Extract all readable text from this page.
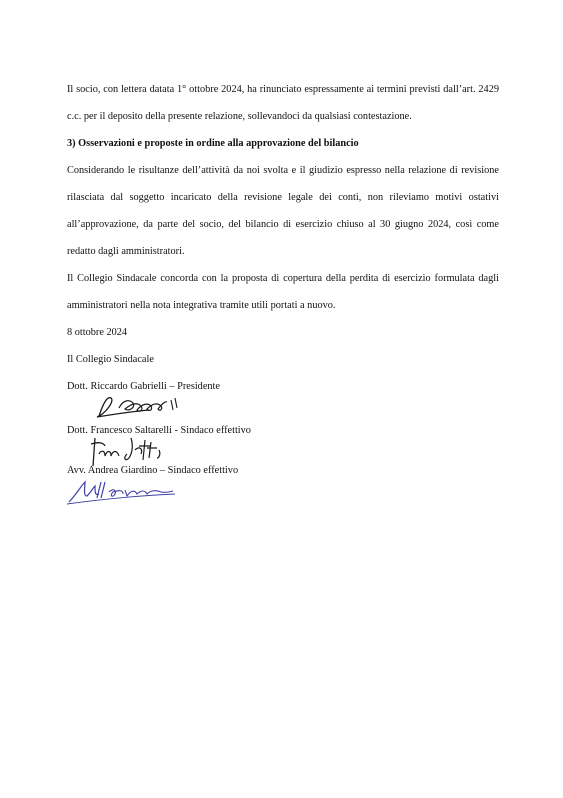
Il socio, con lettera datata 1° ottobre 2024, ha rinunciato espressamente ai termini previsti dall’art. 2429 c.c. per il deposito della presente relazione, sollevandoci da qualsiasi contestazione.

3) Osservazioni e proposte in ordine alla approvazione del bilancio

Considerando le risultanze dell’attività da noi svolta e il giudizio espresso nella relazione di revisione rilasciata dal soggetto incaricato della revisione legale dei conti, non rileviamo motivi ostativi all’approvazione, da parte del socio, del bilancio di esercizio chiuso al 30 giugno 2024, così come redatto dagli amministratori.

Il Collegio Sindacale concorda con la proposta di copertura della perdita di esercizio formulata dagli amministratori nella nota integrativa tramite utili portati a nuovo.

8 ottobre 2024

Il Collegio Sindacale

Dott. Riccardo Gabrielli – Presidente

Dott. Francesco Saltarelli - Sindaco effettivo

Avv. Andrea Giardino – Sindaco effettivo
